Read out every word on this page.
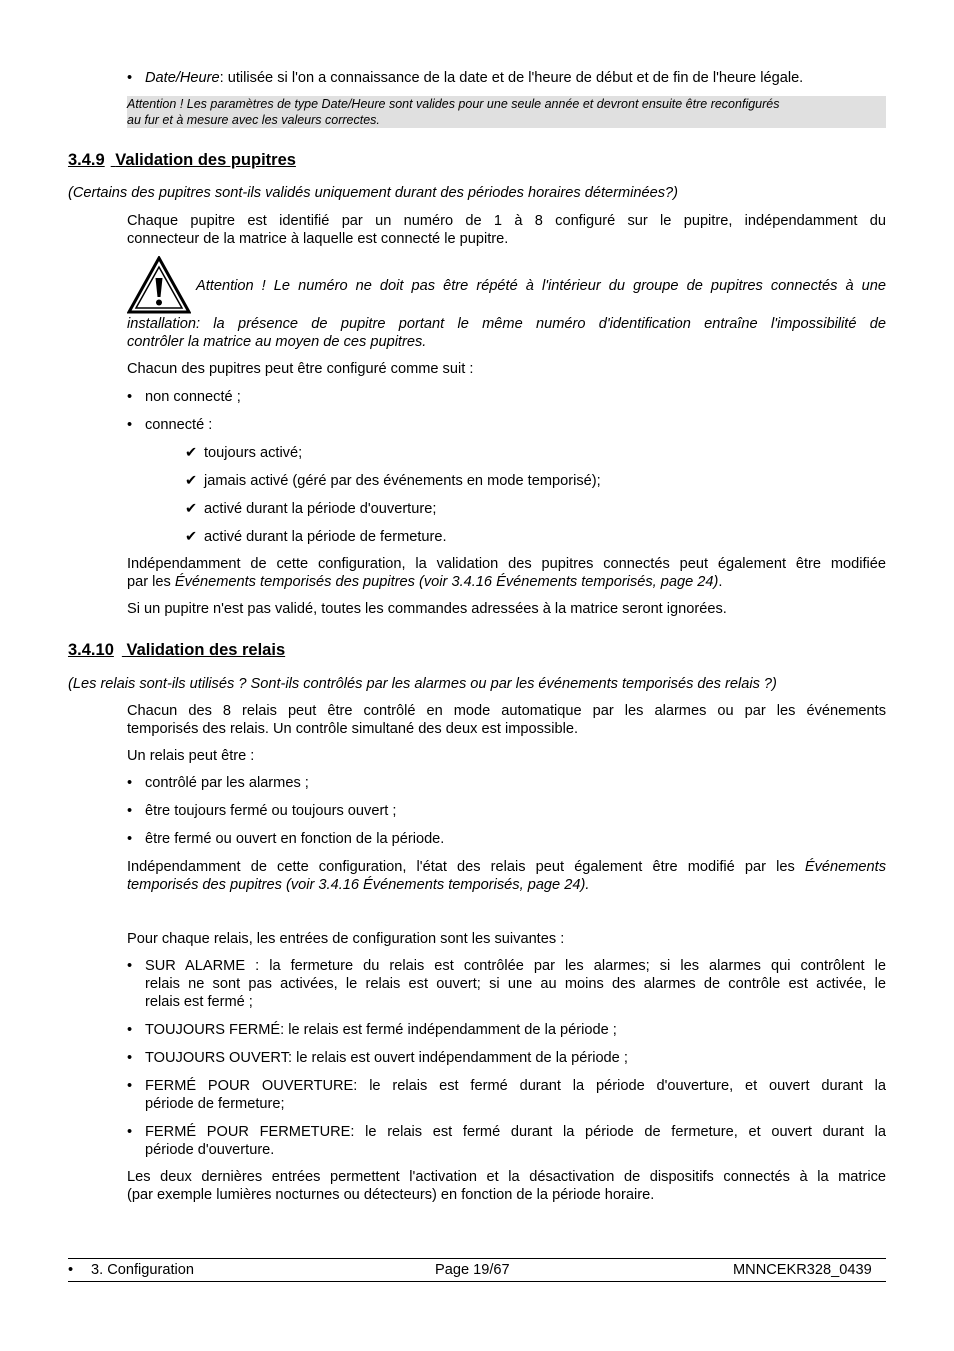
• Date/Heure: utilisée si l'on a connaissance de la date et de l'heure de début et de fin de l'heure légale.
Attention ! Les paramètres de type Date/Heure sont valides pour une seule année et devront ensuite être reconfigurés
au fur et à mesure avec les valeurs correctes.
3.4.9 Validation des pupitres
(Certains des pupitres sont-ils validés uniquement durant des périodes horaires déterminées?)
Chaque pupitre est identifié par un numéro de 1 à 8 configuré sur le pupitre, indépendamment du
connecteur de la matrice à laquelle est connecté le pupitre.
Attention ! Le numéro ne doit pas être répété à l'intérieur du groupe de pupitres connectés à une
installation: la présence de pupitre portant le même numéro d'identification entraîne l'impossibilité de
contrôler la matrice au moyen de ces pupitres.
Chacun des pupitres peut être configuré comme suit :
• non connecté ;
• connecté :
✔ toujours activé;
✔ jamais activé (géré par des événements en mode temporisé);
✔ activé durant la période d'ouverture;
✔ activé durant la période de fermeture.
Indépendamment de cette configuration, la validation des pupitres connectés peut également être modifiée
par les Événements temporisés des pupitres (voir 3.4.16 Événements temporisés, page 24).
Si un pupitre n'est pas validé, toutes les commandes adressées à la matrice seront ignorées.
3.4.10 Validation des relais
(Les relais sont-ils utilisés ? Sont-ils contrôlés par les alarmes ou par les événements temporisés des relais ?)
Chacun des 8 relais peut être contrôlé en mode automatique par les alarmes ou par les événements
temporisés des relais. Un contrôle simultané des deux est impossible.
Un relais peut être :
• contrôlé par les alarmes ;
• être toujours fermé ou toujours ouvert ;
• être fermé ou ouvert en fonction de la période.
Indépendamment de cette configuration, l'état des relais peut également être modifié par les Événements
temporisés des pupitres (voir 3.4.16 Événements temporisés, page 24).
Pour chaque relais, les entrées de configuration sont les suivantes :
• SUR ALARME : la fermeture du relais est contrôlée par les alarmes; si les alarmes qui contrôlent le
relais ne sont pas activées, le relais est ouvert; si une au moins des alarmes de contrôle est activée, le
relais est fermé ;
• TOUJOURS FERMÉ: le relais est fermé indépendamment de la période ;
• TOUJOURS OUVERT: le relais est ouvert indépendamment de la période ;
• FERMÉ POUR OUVERTURE: le relais est fermé durant la période d'ouverture, et ouvert durant la
période de fermeture;
• FERMÉ POUR FERMETURE: le relais est fermé durant la période de fermeture, et ouvert durant la
période d'ouverture.
Les deux dernières entrées permettent l'activation et la désactivation de dispositifs connectés à la matrice
(par exemple lumières nocturnes ou détecteurs) en fonction de la période horaire.
• 3. Configuration	Page 19/67	MNNCEKR328_0439
